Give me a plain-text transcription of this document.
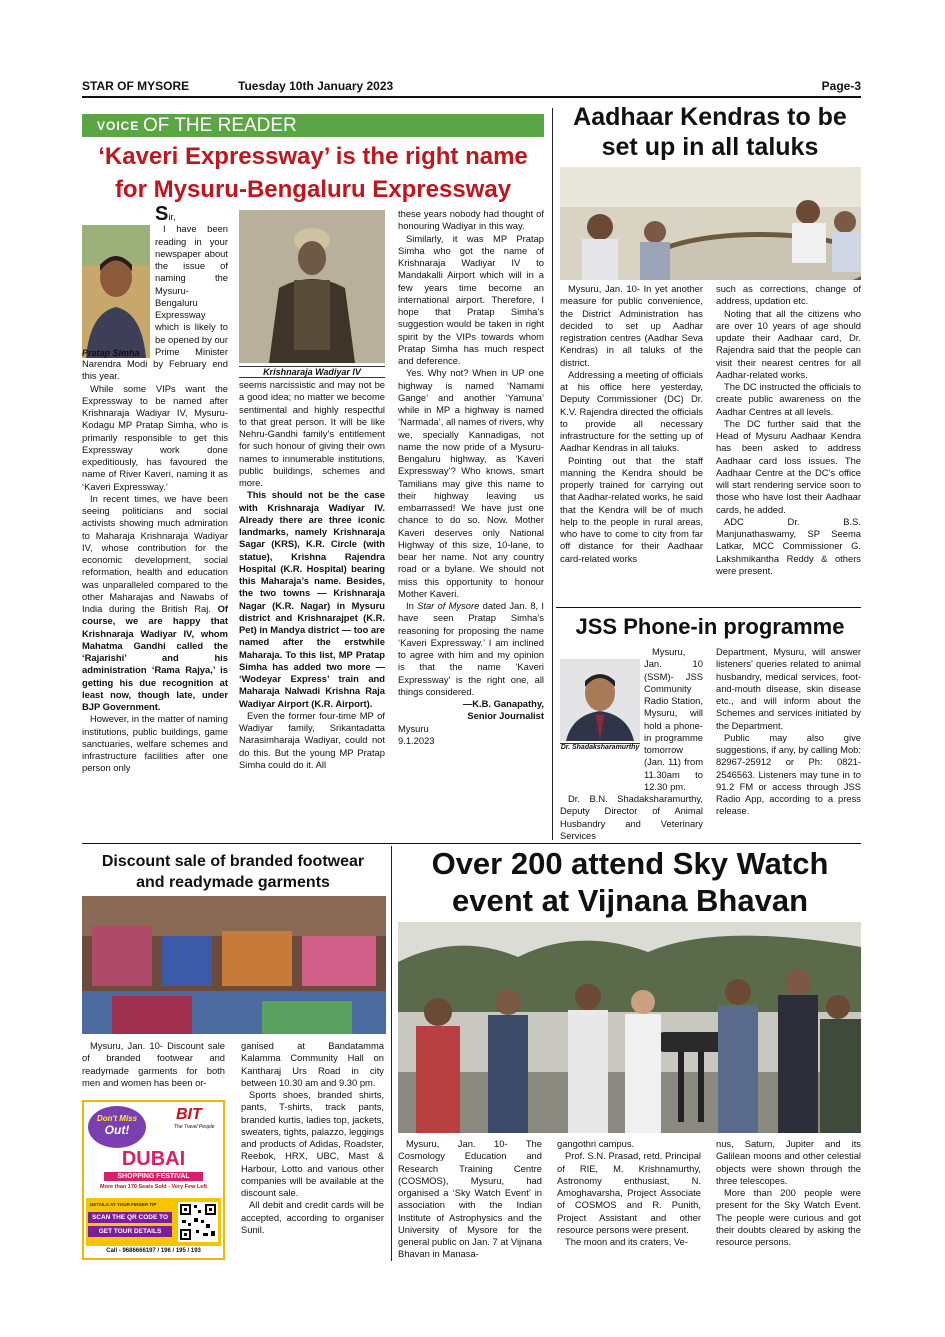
STAR OF MYSORE	Tuesday 10th January 2023	Page-3
VOICE OF THE READER
‘Kaveri Expressway’ is the right name
for Mysuru-Bengaluru Expressway
Pratap Simha

Sir,

I have been reading in your newspaper about the issue of naming the Mysuru-Bengaluru Expressway which is likely to be opened by our Prime Minister Narendra Modi by February end this year.

While some VIPs want the Expressway to be named after Krishnaraja Wadiyar IV, Mysuru-Kodagu MP Pratap Simha, who is primarily responsible to get this Expressway work done expeditiously, has favoured the name of River Kaveri, naming it as ‘Kaveri Expressway.’

In recent times, we have been seeing politicians and social activists showing much admiration to Maharaja Krishnaraja Wadiyar IV, whose contribution for the economic development, social reformation, health and education was unparalleled compared to the other Maharajas and Nawabs of India during the British Raj. Of course, we are happy that Krishnaraja Wadiyar IV, whom Mahatma Gandhi called the ‘Rajarishi’ and his administration ‘Rama Rajya,’ is getting his due recognition at least now, though late, under BJP Government.

However, in the matter of naming institutions, public buildings, game sanctuaries, welfare schemes and infrastructure facilities after one person only

Krishnaraja Wadiyar IV

seems narcissistic and may not be a good idea; no matter we become sentimental and highly respectful to that great person. It will be like Nehru-Gandhi family’s entitlement for such honour of giving their own names to innumerable institutions, public buildings, schemes and more.

This should not be the case with Krishnaraja Wadiyar IV. Already there are three iconic landmarks, namely Krishnaraja Sagar (KRS), K.R. Circle (with statue), Krishna Rajendra Hospital (K.R. Hospital) bearing this Maharaja’s name. Besides, the two towns — Krishnaraja Nagar (K.R. Nagar) in Mysuru district and Krishnarajpet (K.R. Pet) in Mandya district — too are named after the erstwhile Maharaja. To this list, MP Pratap Simha has added two more — ‘Wodeyar Express’ train and Maharaja Nalwadi Krishna Raja Wadiyar Airport (K.R. Airport).

Even the former four-time MP of Wadiyar family, Srikantadatta Narasimharaja Wadiyar, could not do this. But the young MP Pratap Simha could do it. All

these years nobody had thought of honouring Wadiyar in this way.

Similarly, it was MP Pratap Simha who got the name of Krishnaraja Wadiyar IV to Mandakalli Airport which will in a few years time become an international airport. Therefore, I hope that Pratap Simha’s suggestion would be taken in right spirit by the VIPs towards whom Pratap Simha has much respect and deference.

Yes. Why not? When in UP one highway is named ‘Namami Gange’ and another ‘Yamuna’ while in MP a highway is named ‘Narmada’, all names of rivers, why we, specially Kannadigas, not name the now pride of a Mysuru-Bengaluru highway, as ‘Kaveri Expressway’? Who knows, smart Tamilians may give this name to their highway leaving us embarrassed! We have just one chance to do so. Now. Mother Kaveri deserves only National Highway of this size, 10-lane, to bear her name. Not any country road or a bylane. We should not miss this opportunity to honour Mother Kaveri.

In Star of Mysore dated Jan. 8, I have seen Pratap Simha’s reasoning for proposing the name ‘Kaveri Expressway.’ I am inclined to agree with him and my opinion is that the name ‘Kaveri Expressway’ is the right one, all things considered.

—K.B. Ganapathy,
Senior Journalist
Mysuru
9.1.2023
Aadhaar Kendras to be
set up in all taluks

Mysuru, Jan. 10- In yet another measure for public convenience, the District Administration has decided to set up Aadhar registration centres (Aadhar Seva Kendras) in all taluks of the district.

Addressing a meeting of officials at his office here yesterday, Deputy Commissioner (DC) Dr. K.V. Rajendra directed the officials to provide all necessary infrastructure for the setting up of Aadhar Kendras in all taluks.

Pointing out that the staff manning the Kendra should be properly trained for carrying out that Aadhar-related works, he said that the Kendra will be of much help to the people in rural areas, who have to come to city from far off distance for their Aadhaar card-related works

such as corrections, change of address, updation etc.

Noting that all the citizens who are over 10 years of age should update their Aadhaar card, Dr. Rajendra said that the people can visit their nearest centres for all Aadhar-related works.

The DC instructed the officials to create public awareness on the Aadhar Centres at all levels.

The DC further said that the Head of Mysuru Aadhaar Kendra has been asked to address Aadhaar card loss issues. The Aadhaar Centre at the DC’s office will start rendering service soon to those who have lost their Aadhaar cards, he added.

ADC Dr. B.S. Manjunathaswamy, SP Seema Latkar, MCC Commissioner G. Lakshmikantha Reddy & others were present.

JSS Phone-in programme
Dr. Shadaksharamurthy

Mysuru, Jan. 10 (SSM)- JSS Community Radio Station, Mysuru, will hold a phone-in programme tomorrow (Jan. 11) from 11.30am to 12.30 pm.

Dr. B.N. Shadaksharamurthy, Deputy Director of Animal Husbandry and Veterinary Services

Department, Mysuru, will answer listeners’ queries related to animal husbandry, medical services, foot-and-mouth disease, skin disease etc., and will inform about the Schemes and services initiated by the Department.

Public may also give suggestions, if any, by calling Mob: 82967-25912 or Ph: 0821-2546563. Listeners may tune in to 91.2 FM or access through JSS Radio App, according to a press release.

Discount sale of branded footwear
and readymade garments

Mysuru, Jan. 10- Discount sale of branded footwear and readymade garments for both men and women has been or-

ganised at Bandatamma Kalamma Community Hall on Kantharaj Urs Road in city between 10.30 am and 9.30 pm.

Sports shoes, branded shirts, pants, T-shirts, track pants, branded kurtis, ladies top, jackets, sweaters, tights, palazzo, leggings and products of Adidas, Roadster, Reebok, HRX, UBC, Mast & Harbour, Lotto and various other companies will be available at the discount sale.

All debit and credit cards will be accepted, according to organiser Sunil.

Don't Miss
Out!
BIT
The Travel People
DUBAI
SHOPPING FESTIVAL
More than 170 Seats Sold - Very Few Left
DETAILS AT YOUR FINGER TIP
SCAN THE QR CODE TO
GET TOUR DETAILS
Call - 9686666197 / 196 / 195 / 193
Over 200 attend Sky Watch
event at Vijnana Bhavan

Mysuru, Jan. 10- The Cosmology Education and Research Training Centre (COSMOS), Mysuru, had organised a ‘Sky Watch Event’ in association with the Indian Institute of Astrophysics and the University of Mysore for the general public on Jan. 7 at Vijnana Bhavan in Manasa-

gangothri campus.

Prof. S.N. Prasad, retd. Principal of RIE, M. Krishnamurthy, Astronomy enthusiast, N. Amoghavarsha, Project Associate of COSMOS and R. Punith, Project Assistant and other resource persons were present.

The moon and its craters, Ve-

nus, Saturn, Jupiter and its Galilean moons and other celestial objects were shown through the three telescopes.

More than 200 people were present for the Sky Watch Event. The people were curious and got their doubts cleared by asking the resource persons.
